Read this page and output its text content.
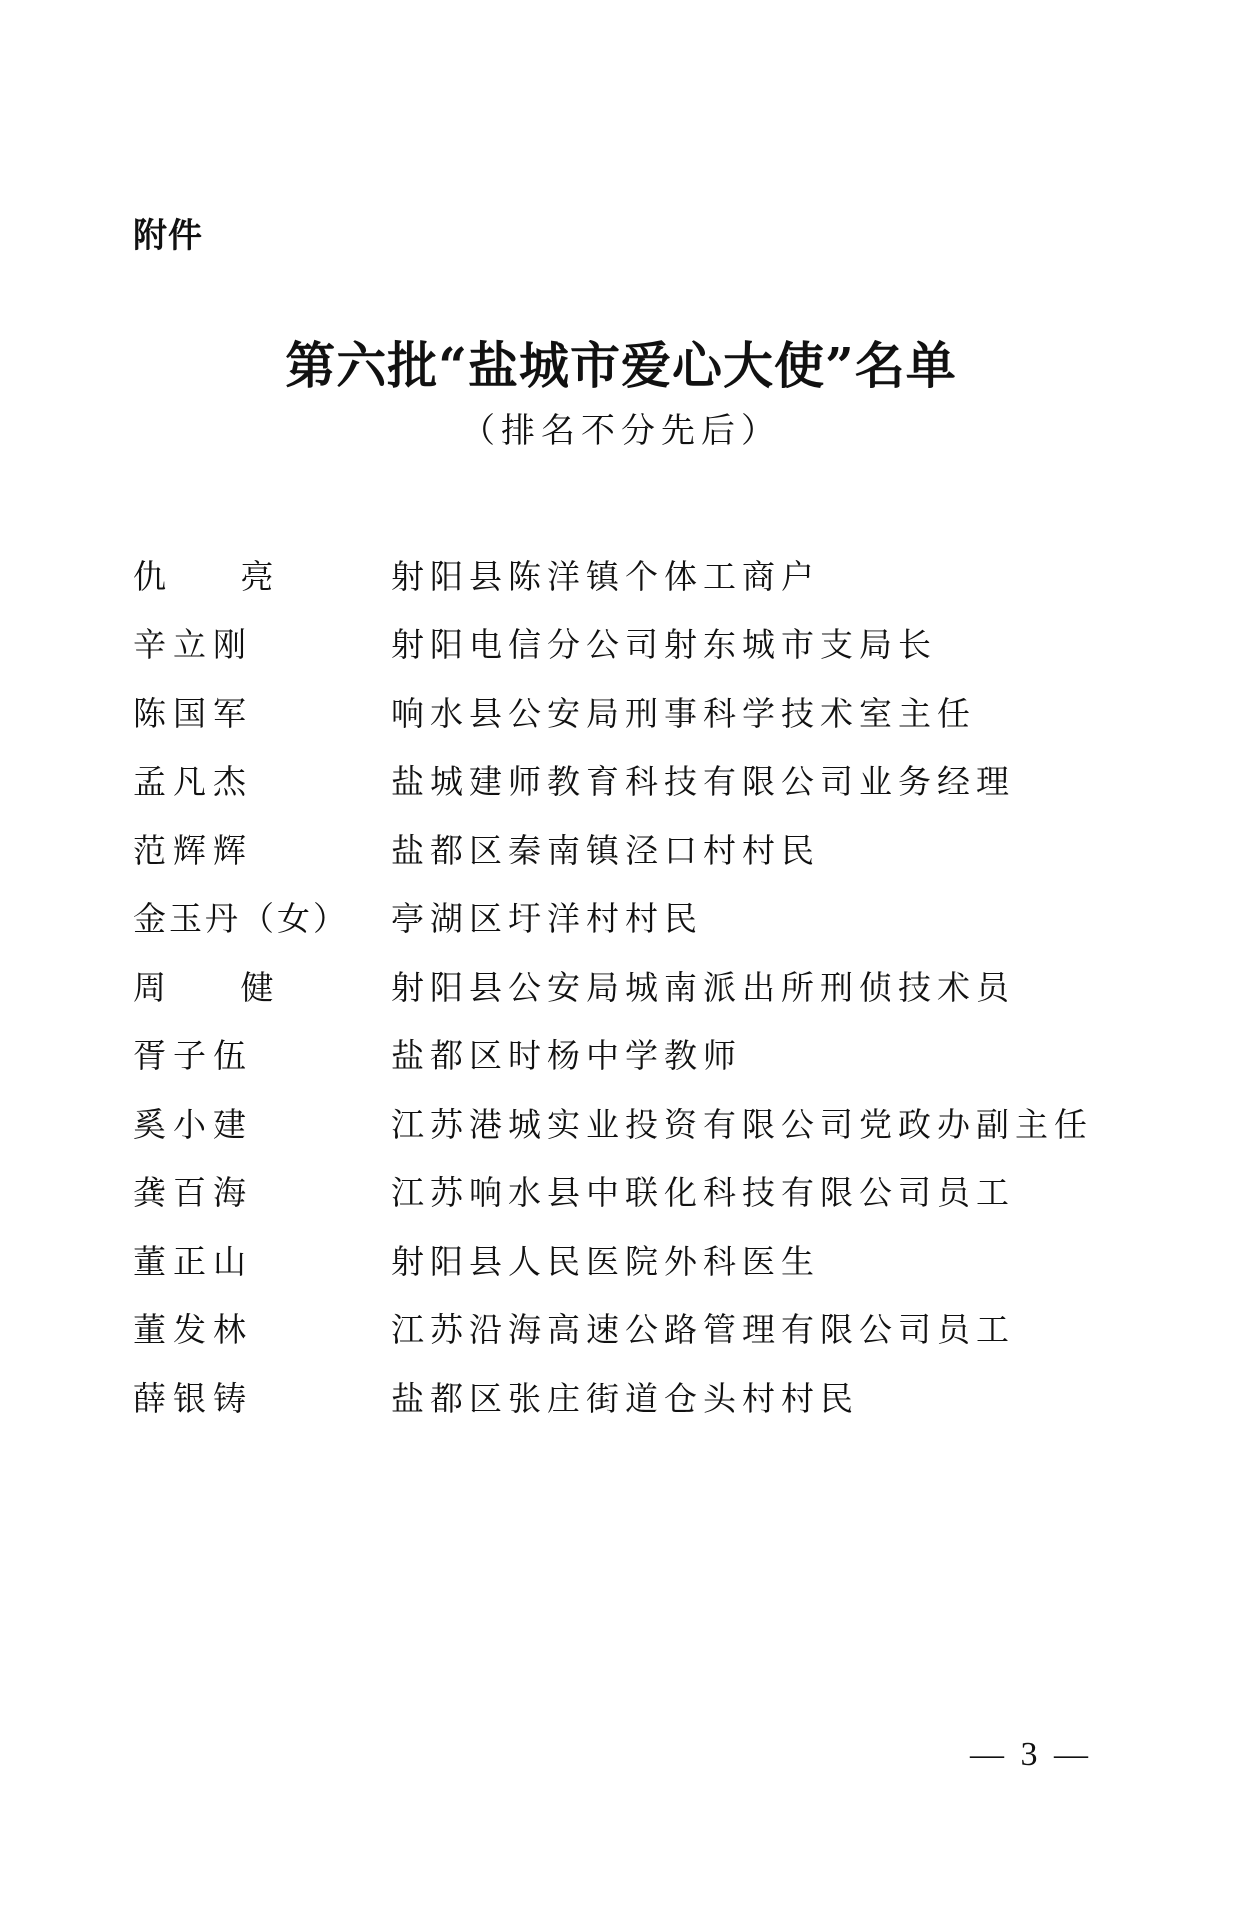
附件
第六批“盐城市爱心大使”名单
（排名不分先后）
仇 亮	射阳县陈洋镇个体工商户
辛立刚	射阳电信分公司射东城市支局长
陈国军	响水县公安局刑事科学技术室主任
孟凡杰	盐城建师教育科技有限公司业务经理
范辉辉	盐都区秦南镇泾口村村民
金玉丹（女）	亭湖区圩洋村村民
周 健	射阳县公安局城南派出所刑侦技术员
胥子伍	盐都区时杨中学教师
奚小建	江苏港城实业投资有限公司党政办副主任
龚百海	江苏响水县中联化科技有限公司员工
董正山	射阳县人民医院外科医生
董发林	江苏沿海高速公路管理有限公司员工
薛银铸	盐都区张庄街道仓头村村民
— 3 —
